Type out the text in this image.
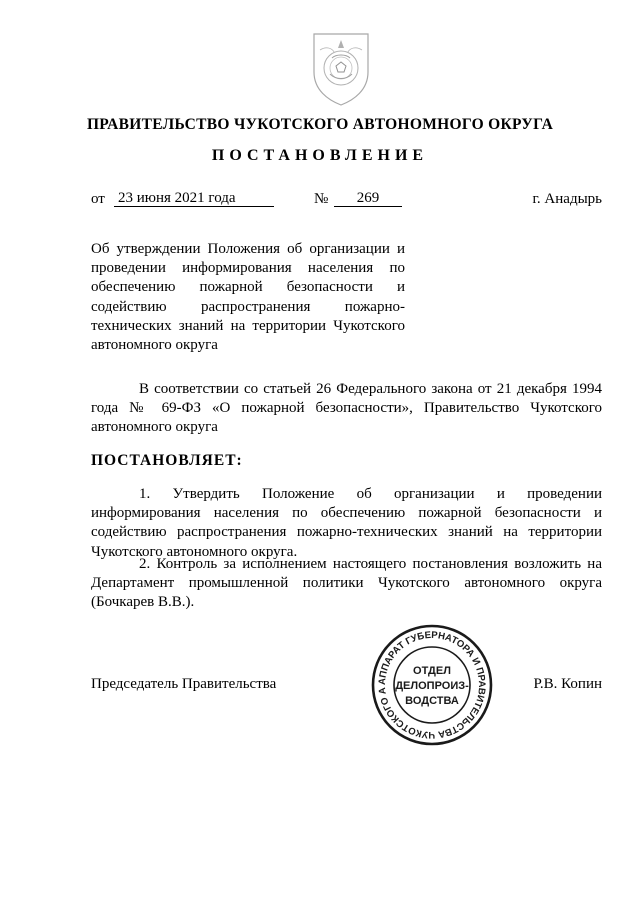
ПРАВИТЕЛЬСТВО ЧУКОТСКОГО АВТОНОМНОГО ОКРУГА
ПОСТАНОВЛЕНИЕ
от 23 июня 2021 года	№	269	г. Анадырь
Об утверждении Положения об организации и проведении информирования населения по обеспечению пожарной безопасности и содействию распространения пожарно-технических знаний на территории Чукотского автономного округа
В соответствии со статьей 26 Федерального закона от 21 декабря 1994 года № 69-ФЗ «О пожарной безопасности», Правительство Чукотского автономного округа
ПОСТАНОВЛЯЕТ:
1. Утвердить Положение об организации и проведении информирования населения по обеспечению пожарной безопасности и содействию распространения пожарно-технических знаний на территории Чукотского автономного округа.
2. Контроль за исполнением настоящего постановления возложить на Департамент промышленной политики Чукотского автономного округа (Бочкарев В.В.).
Председатель Правительства	Р.В. Копин
АППАРАТ ГУБЕРНАТОРА И ПРАВИТЕЛЬСТВА ЧУКОТСКОГО А
ОТДЕЛ
ДЕЛОПРОИЗ-
ВОДСТВА
